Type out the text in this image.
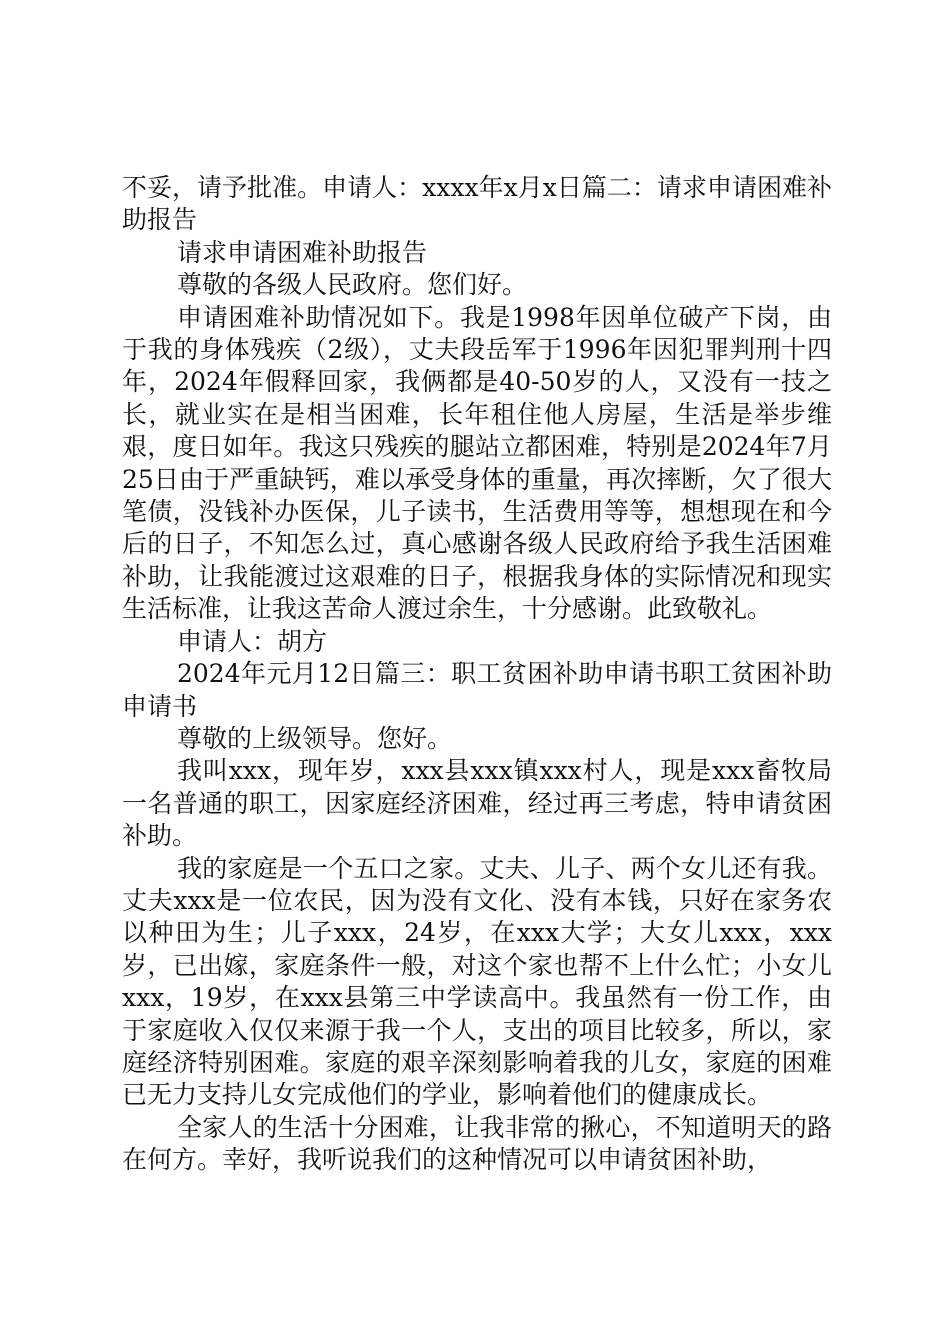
不妥，请予批准。申请人：xxxx年x月x日篇二：请求申请困难补助报告

请求申请困难补助报告

尊敬的各级人民政府。您们好。

申请困难补助情况如下。我是1998年因单位破产下岗，由于我的身体残疾（2级），丈夫段岳军于1996年因犯罪判刑十四年，2024年假释回家，我俩都是40-50岁的人，又没有一技之长，就业实在是相当困难，长年租住他人房屋，生活是举步维艰，度日如年。我这只残疾的腿站立都困难，特别是2024年7月25日由于严重缺钙，难以承受身体的重量，再次摔断，欠了很大笔债，没钱补办医保，儿子读书，生活费用等等，想想现在和今后的日子，不知怎么过，真心感谢各级人民政府给予我生活困难补助，让我能渡过这艰难的日子，根据我身体的实际情况和现实生活标准，让我这苦命人渡过余生，十分感谢。此致敬礼。

申请人：胡方

2024年元月12日篇三：职工贫困补助申请书职工贫困补助申请书

尊敬的上级领导。您好。

我叫xxx，现年岁，xxx县xxx镇xxx村人，现是xxx畜牧局一名普通的职工，因家庭经济困难，经过再三考虑，特申请贫困补助。

我的家庭是一个五口之家。丈夫、儿子、两个女儿还有我。丈夫xxx是一位农民，因为没有文化、没有本钱，只好在家务农以种田为生；儿子xxx，24岁，在xxx大学；大女儿xxx，xxx岁，已出嫁，家庭条件一般，对这个家也帮不上什么忙；小女儿xxx，19岁，在xxx县第三中学读高中。我虽然有一份工作，由于家庭收入仅仅来源于我一个人，支出的项目比较多，所以，家庭经济特别困难。家庭的艰辛深刻影响着我的儿女，家庭的困难已无力支持儿女完成他们的学业，影响着他们的健康成长。

全家人的生活十分困难，让我非常的揪心，不知道明天的路在何方。幸好，我听说我们的这种情况可以申请贫困补助，
